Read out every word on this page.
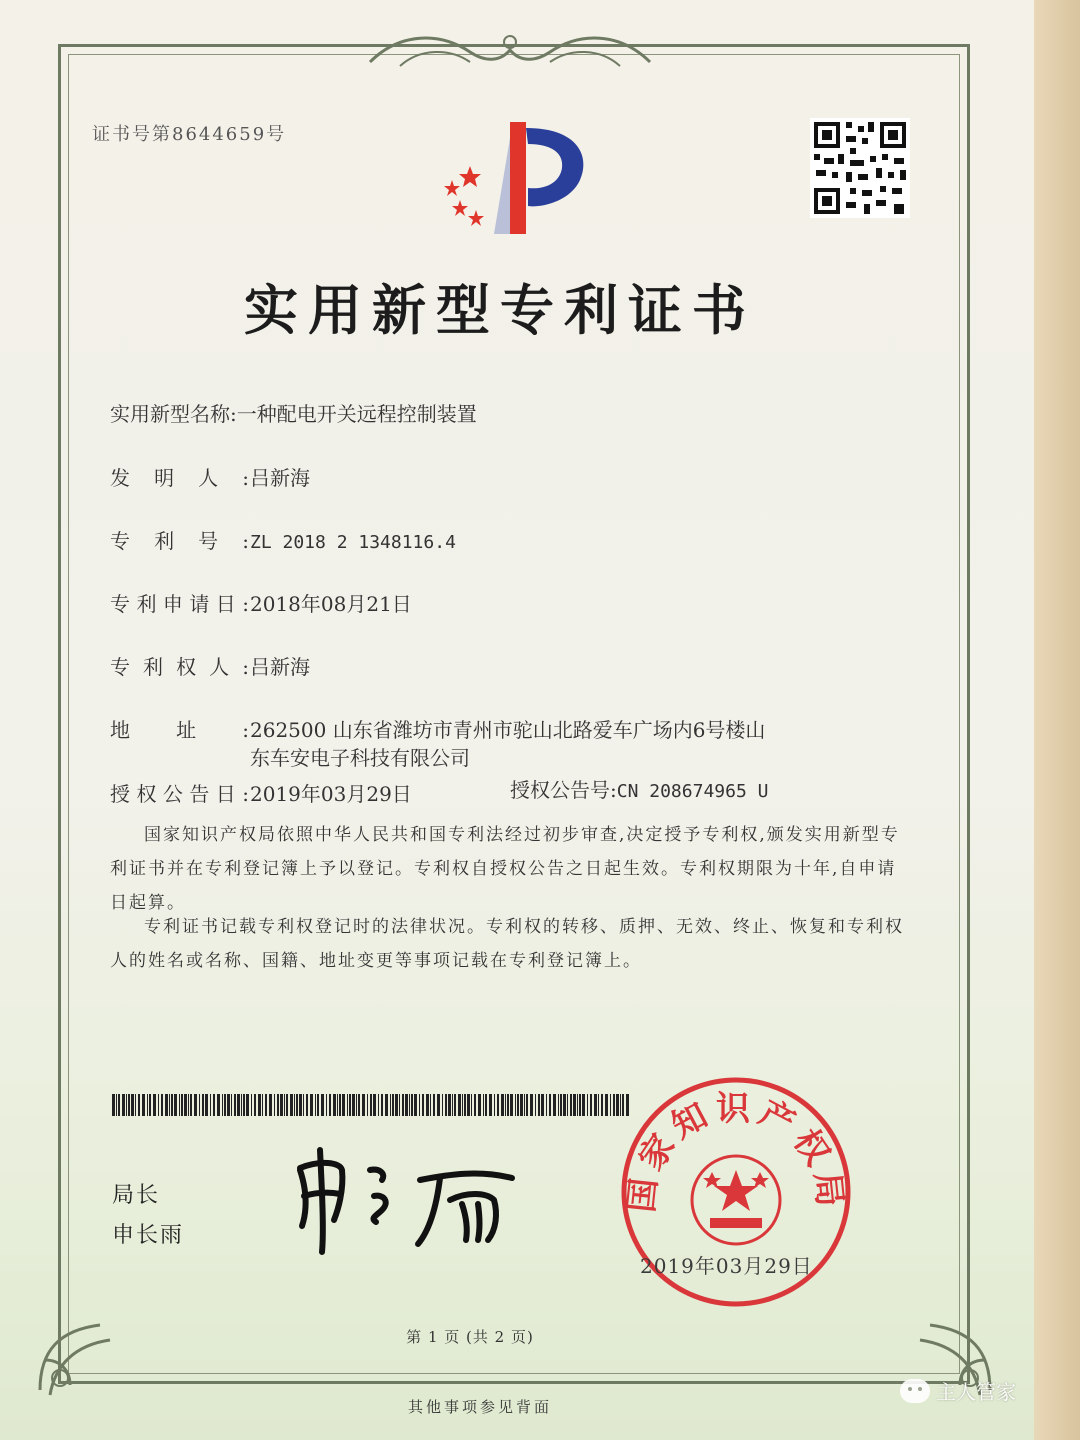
证书号第8644659号
实用新型专利证书
实用新型名称:一种配电开关远程控制装置
发明人:吕新海
专利号:ZL 2018 2 1348116.4
专利申请日:2018年08月21日
专利权人:吕新海
地址:262500 山东省潍坊市青州市驼山北路爱车广场内6号楼山
东车安电子科技有限公司
授权公告日:2019年03月29日	授权公告号:CN 208674965 U
国家知识产权局依照中华人民共和国专利法经过初步审查,决定授予专利权,颁发实用新型专利证书并在专利登记簿上予以登记。专利权自授权公告之日起生效。专利权期限为十年,自申请日起算。
专利证书记载专利权登记时的法律状况。专利权的转移、质押、无效、终止、恢复和专利权人的姓名或名称、国籍、地址变更等事项记载在专利登记簿上。
局长
申长雨
国家知识产权局
2019年03月29日
第 1 页 (共 2 页)
其他事项参见背面
主人管家
